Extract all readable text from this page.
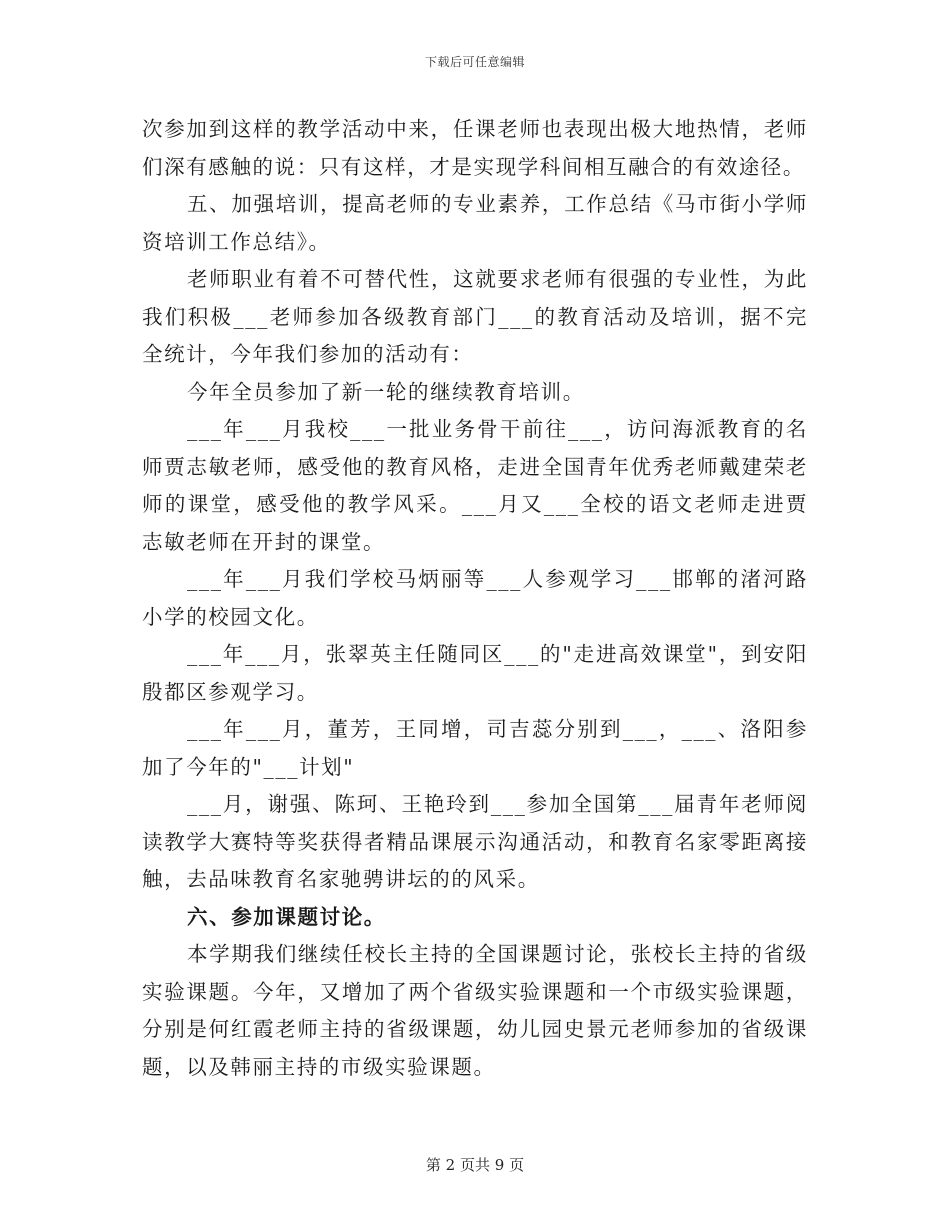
下载后可任意编辑

次参加到这样的教学活动中来，任课老师也表现出极大地热情，老师们深有感触的说：只有这样，才是实现学科间相互融合的有效途径。

五、加强培训，提高老师的专业素养，工作总结《马市街小学师资培训工作总结》。

老师职业有着不可替代性，这就要求老师有很强的专业性，为此我们积极___老师参加各级教育部门___的教育活动及培训，据不完全统计，今年我们参加的活动有：

今年全员参加了新一轮的继续教育培训。

___年___月我校___一批业务骨干前往___，访问海派教育的名师贾志敏老师，感受他的教育风格，走进全国青年优秀老师戴建荣老师的课堂，感受他的教学风采。___月又___全校的语文老师走进贾志敏老师在开封的课堂。

___年___月我们学校马炳丽等___人参观学习___邯郸的渚河路小学的校园文化。

___年___月，张翠英主任随同区___的"走进高效课堂"，到安阳殷都区参观学习。

___年___月，董芳，王同增，司吉蕊分别到___，___、洛阳参加了今年的"___计划"

___月，谢强、陈珂、王艳玲到___参加全国第___届青年老师阅读教学大赛特等奖获得者精品课展示沟通活动，和教育名家零距离接触，去品味教育名家驰骋讲坛的的风采。

六、参加课题讨论。

本学期我们继续任校长主持的全国课题讨论，张校长主持的省级实验课题。今年，又增加了两个省级实验课题和一个市级实验课题，分别是何红霞老师主持的省级课题，幼儿园史景元老师参加的省级课题，以及韩丽主持的市级实验课题。

第 2 页共 9 页
